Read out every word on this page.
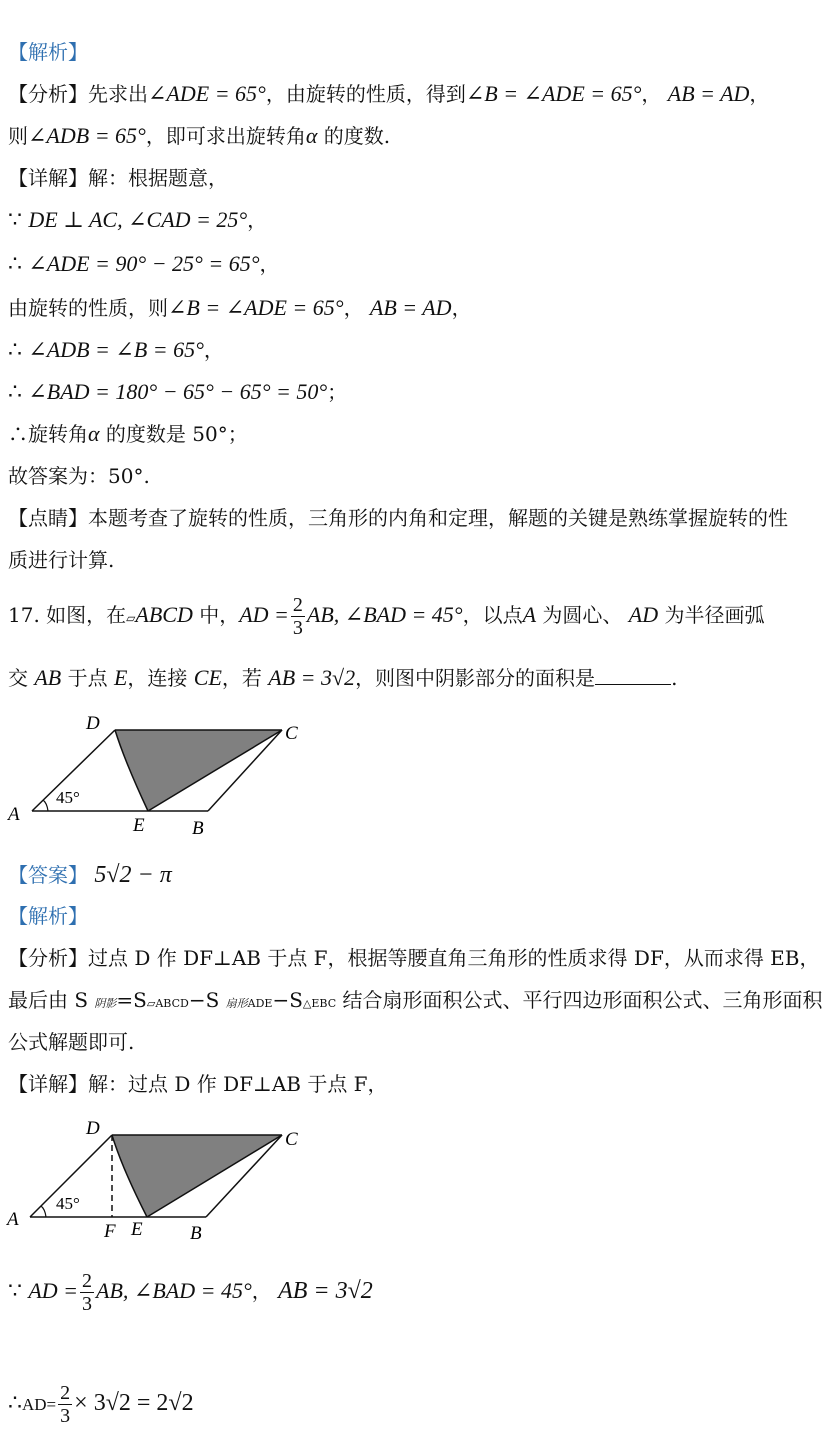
【解析】
【分析】先求出∠ADE = 65°，由旋转的性质，得到∠B = ∠ADE = 65°， AB = AD，
则∠ADB = 65°，即可求出旋转角α 的度数.
【详解】解：根据题意，
∵ DE ⊥ AC, ∠CAD = 25°，
∴ ∠ADE = 90° − 25° = 65°，
由旋转的性质，则∠B = ∠ADE = 65°， AB = AD，
∴ ∠ADB = ∠B = 65°，
∴ ∠BAD = 180° − 65° − 65° = 50°；
∴旋转角α 的度数是 50°；
故答案为：50°.
【点睛】本题考查了旋转的性质，三角形的内角和定理，解题的关键是熟练掌握旋转的性
质进行计算.
17. 如图，在▱ABCD 中，AD = $\frac{2}{3}$ AB, ∠BAD = 45°，以点A 为圆心、 AD 为半径画弧
交 AB 于点 E，连接 CE，若 AB = 3√2，则图中阴影部分的面积是	.
D	C
A
E B
45°
【答案】 5√2 − π
【解析】
【分析】过点 D 作 DF⊥AB 于点 F，根据等腰直角三角形的性质求得 DF，从而求得 EB，
最后由 S 阴影=S▱ABCD−S 扇形ADE−S△EBC 结合扇形面积公式、平行四边形面积公式、三角形面积
公式解题即可.
【详解】解：过点 D 作 DF⊥AB 于点 F，
D
C
A
F E B
45°
∵ AD = $\frac{2}{3}$ AB, ∠BAD = 45°， AB = 3√2
∴AD= $\frac{2}{3} \times 3√2 = 2√2$
